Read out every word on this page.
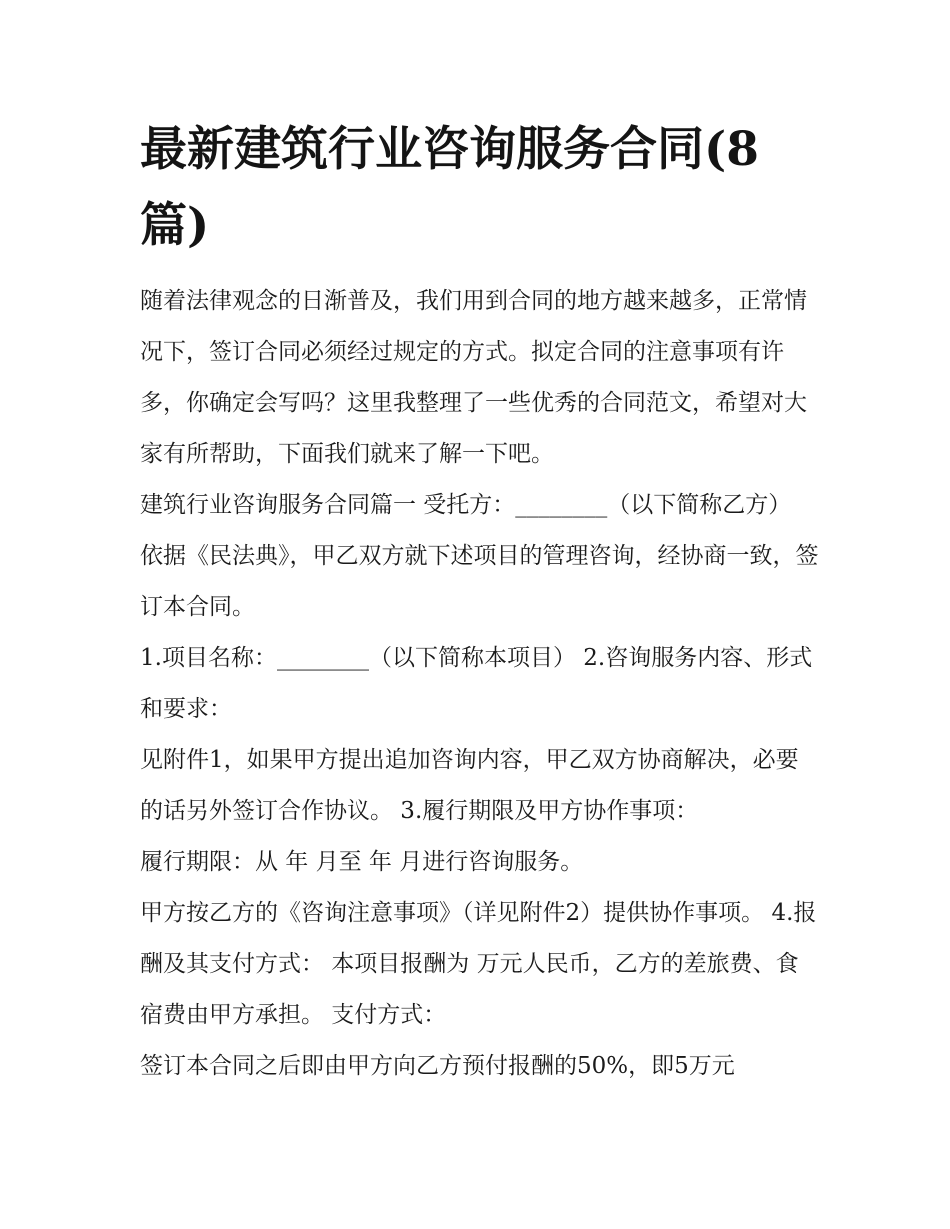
最新建筑行业咨询服务合同(8篇)

随着法律观念的日渐普及，我们用到合同的地方越来越多，正常情况下，签订合同必须经过规定的方式。拟定合同的注意事项有许多，你确定会写吗？这里我整理了一些优秀的合同范文，希望对大家有所帮助，下面我们就来了解一下吧。

建筑行业咨询服务合同篇一 受托方：________（以下简称乙方） 依据《民法典》，甲乙双方就下述项目的管理咨询，经协商一致，签订本合同。

1.项目名称：________（以下简称本项目） 2.咨询服务内容、形式和要求：

见附件1，如果甲方提出追加咨询内容，甲乙双方协商解决，必要的话另外签订合作协议。 3.履行期限及甲方协作事项：

履行期限：从 年 月至 年 月进行咨询服务。

甲方按乙方的《咨询注意事项》（详见附件2）提供协作事项。 4.报酬及其支付方式： 本项目报酬为 万元人民币，乙方的差旅费、食宿费由甲方承担。 支付方式：

签订本合同之后即由甲方向乙方预付报酬的50%，即5万元
